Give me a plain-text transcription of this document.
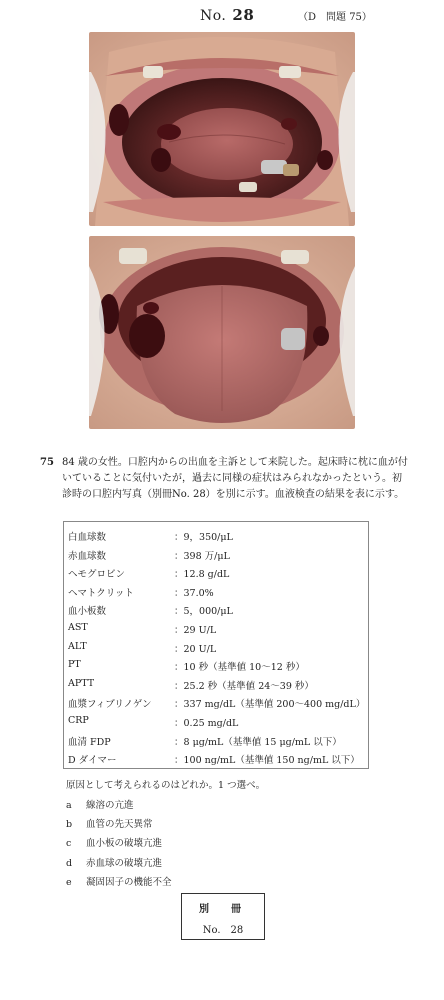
No. 28	（D　問題 75）
75 84 歳の女性。口腔内からの出血を主訴として来院した。起床時に枕に血が付いていることに気付いたが，過去に同様の症状はみられなかったという。初診時の口腔内写真（別冊No. 28）を別に示す。血液検査の結果を表に示す。
白血球数	：9，350/μL
赤血球数	：398 万/μL
ヘモグロビン	：12.8 g/dL
ヘマトクリット	：37.0%
血小板数	：5，000/μL
AST	：29 U/L
ALT	：20 U/L
PT	：10 秒（基準値 10～12 秒）
APTT	：25.2 秒（基準値 24～39 秒）
血漿フィブリノゲン ：337 mg/dL（基準値 200～400 mg/dL）
CRP	：0.25 mg/dL
血清 FDP	：8 μg/mL（基準値 15 μg/mL 以下）
D ダイマー	：100 ng/mL（基準値 150 ng/mL 以下）
原因として考えられるのはどれか。1 つ選べ。
a 線溶の亢進
b 血管の先天異常
c 血小板の破壊亢進
d 赤血球の破壊亢進
e 凝固因子の機能不全
別　冊
No.　28
